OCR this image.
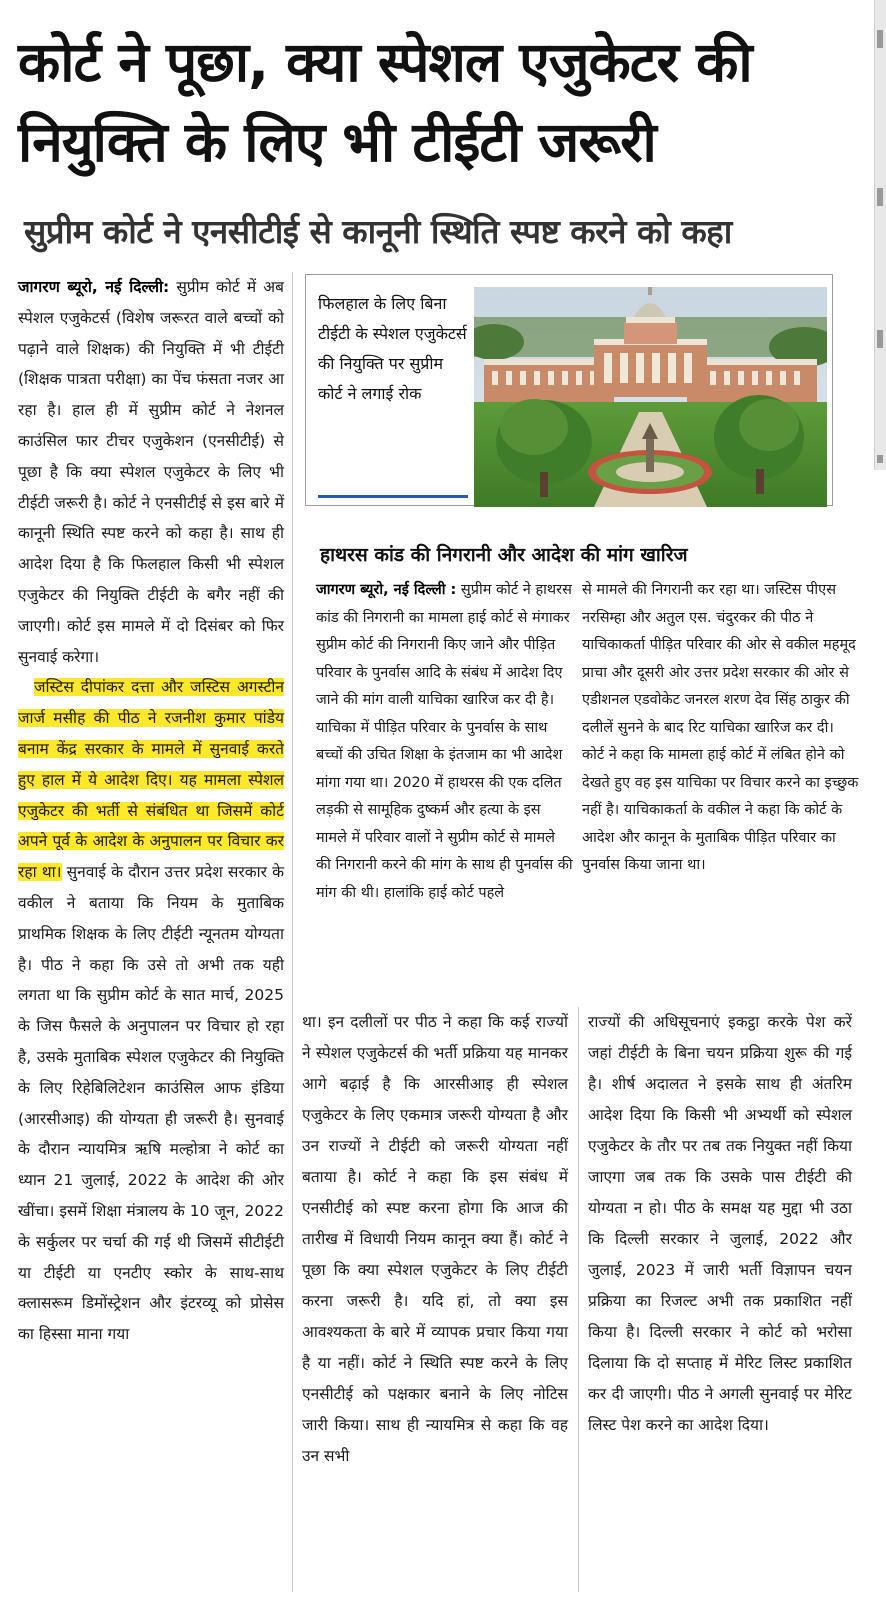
कोर्ट ने पूछा, क्या स्पेशल एजुकेटर की नियुक्ति के लिए भी टीईटी जरूरी
सुप्रीम कोर्ट ने एनसीटीई से कानूनी स्थिति स्पष्ट करने को कहा

जागरण ब्यूरो, नई दिल्ली: सुप्रीम कोर्ट में अब स्पेशल एजुकेटर्स (विशेष जरूरत वाले बच्चों को पढ़ाने वाले शिक्षक) की नियुक्ति में भी टीईटी (शिक्षक पात्रता परीक्षा) का पेंच फंसता नजर आ रहा है। हाल ही में सुप्रीम कोर्ट ने नेशनल काउंसिल फार टीचर एजुकेशन (एनसीटीई) से पूछा है कि क्या स्पेशल एजुकेटर के लिए भी टीईटी जरूरी है। कोर्ट ने एनसीटीई से इस बारे में कानूनी स्थिति स्पष्ट करने को कहा है। साथ ही आदेश दिया है कि फिलहाल किसी भी स्पेशल एजुकेटर की नियुक्ति टीईटी के बगैर नहीं की जाएगी। कोर्ट इस मामले में दो दिसंबर को फिर सुनवाई करेगा।

जस्टिस दीपांकर दत्ता और जस्टिस अगस्टीन जार्ज मसीह की पीठ ने रजनीश कुमार पांडेय बनाम केंद्र सरकार के मामले में सुनवाई करते हुए हाल में ये आदेश दिए। यह मामला स्पेशल एजुकेटर की भर्ती से संबंधित था जिसमें कोर्ट अपने पूर्व के आदेश के अनुपालन पर विचार कर रहा था। सुनवाई के दौरान उत्तर प्रदेश सरकार के वकील ने बताया कि नियम के मुताबिक प्राथमिक शिक्षक के लिए टीईटी न्यूनतम योग्यता है। पीठ ने कहा कि उसे तो अभी तक यही लगता था कि सुप्रीम कोर्ट के सात मार्च, 2025 के जिस फैसले के अनुपालन पर विचार हो रहा है, उसके मुताबिक स्पेशल एजुकेटर की नियुक्ति के लिए रिहेबिलिटेशन काउंसिल आफ इंडिया (आरसीआइ) की योग्यता ही जरूरी है। सुनवाई के दौरान न्यायमित्र ऋषि मल्होत्रा ने कोर्ट का ध्यान 21 जुलाई, 2022 के आदेश की ओर खींचा। इसमें शिक्षा मंत्रालय के 10 जून, 2022 के सर्कुलर पर चर्चा की गई थी जिसमें सीटीईटी या टीईटी या एनटीए स्कोर के साथ-साथ क्लासरूम डिमोंस्ट्रेशन और इंटरव्यू को प्रोसेस का हिस्सा माना गया

फिलहाल के लिए बिना टीईटी के स्पेशल एजुकेटर्स की नियुक्ति पर सुप्रीम कोर्ट ने लगाई रोक
हाथरस कांड की निगरानी और आदेश की मांग खारिज
जागरण ब्यूरो, नई दिल्ली : सुप्रीम कोर्ट ने हाथरस कांड की निगरानी का मामला हाई कोर्ट से मंगाकर सुप्रीम कोर्ट की निगरानी किए जाने और पीड़ित परिवार के पुनर्वास आदि के संबंध में आदेश दिए जाने की मांग वाली याचिका खारिज कर दी है। याचिका में पीड़ित परिवार के पुनर्वास के साथ बच्चों की उचित शिक्षा के इंतजाम का भी आदेश मांगा गया था। 2020 में हाथरस की एक दलित लड़की से सामूहिक दुष्कर्म और हत्या के इस मामले में परिवार वालों ने सुप्रीम कोर्ट से मामले की निगरानी करने की मांग के साथ ही पुनर्वास की मांग की थी। हालांकि हाई कोर्ट पहले
से मामले की निगरानी कर रहा था। जस्टिस पीएस नरसिम्हा और अतुल एस. चंदुरकर की पीठ ने याचिकाकर्ता पीड़ित परिवार की ओर से वकील महमूद प्राचा और दूसरी ओर उत्तर प्रदेश सरकार की ओर से एडीशनल एडवोकेट जनरल शरण देव सिंह ठाकुर की दलीलें सुनने के बाद रिट याचिका खारिज कर दी। कोर्ट ने कहा कि मामला हाई कोर्ट में लंबित होने को देखते हुए वह इस याचिका पर विचार करने का इच्छुक नहीं है। याचिकाकर्ता के वकील ने कहा कि कोर्ट के आदेश और कानून के मुताबिक पीड़ित परिवार का पुनर्वास किया जाना था।
था। इन दलीलों पर पीठ ने कहा कि कई राज्यों ने स्पेशल एजुकेटर्स की भर्ती प्रक्रिया यह मानकर आगे बढ़ाई है कि आरसीआइ ही स्पेशल एजुकेटर के लिए एकमात्र जरूरी योग्यता है और उन राज्यों ने टीईटी को जरूरी योग्यता नहीं बताया है। कोर्ट ने कहा कि इस संबंध में एनसीटीई को स्पष्ट करना होगा कि आज की तारीख में विधायी नियम कानून क्या हैं। कोर्ट ने पूछा कि क्या स्पेशल एजुकेटर के लिए टीईटी करना जरूरी है। यदि हां, तो क्या इस आवश्यकता के बारे में व्यापक प्रचार किया गया है या नहीं। कोर्ट ने स्थिति स्पष्ट करने के लिए एनसीटीई को पक्षकार बनाने के लिए नोटिस जारी किया। साथ ही न्यायमित्र से कहा कि वह उन सभी
राज्यों की अधिसूचनाएं इकट्ठा करके पेश करें जहां टीईटी के बिना चयन प्रक्रिया शुरू की गई है। शीर्ष अदालत ने इसके साथ ही अंतरिम आदेश दिया कि किसी भी अभ्यर्थी को स्पेशल एजुकेटर के तौर पर तब तक नियुक्त नहीं किया जाएगा जब तक कि उसके पास टीईटी की योग्यता न हो। पीठ के समक्ष यह मुद्दा भी उठा कि दिल्ली सरकार ने जुलाई, 2022 और जुलाई, 2023 में जारी भर्ती विज्ञापन चयन प्रक्रिया का रिजल्ट अभी तक प्रकाशित नहीं किया है। दिल्ली सरकार ने कोर्ट को भरोसा दिलाया कि दो सप्ताह में मेरिट लिस्ट प्रकाशित कर दी जाएगी। पीठ ने अगली सुनवाई पर मेरिट लिस्ट पेश करने का आदेश दिया।
